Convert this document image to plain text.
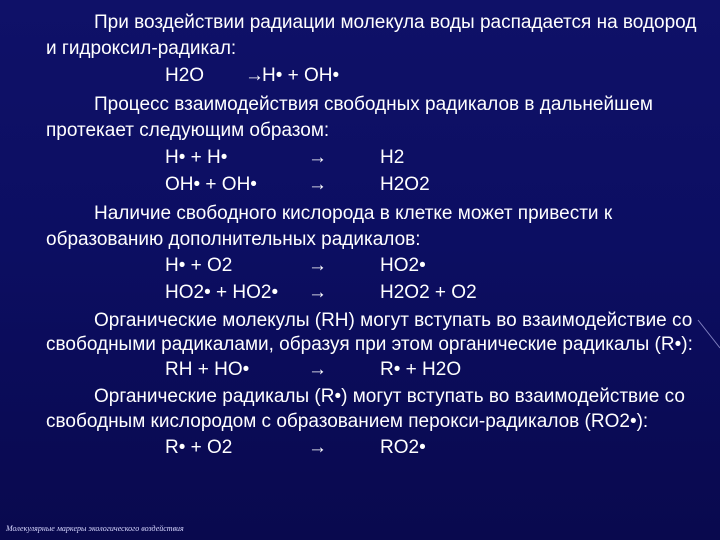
При воздействии радиации молекула воды распадается на водород
и гидроксил-радикал:
H2O →
H• + OH•
Процесс взаимодействия свободных радикалов в дальнейшем
протекает следующим образом:
H• + H•	→	H2
OH• + OH•	→	H2O2
Наличие свободного кислорода в клетке может привести к
образованию дополнительных радикалов:
H• + O2	→	HO2•
HO2• + HO2• →	H2O2 + O2
Органические молекулы (RH) могут вступать во взаимодействие со
свободными радикалами, образуя при этом органические радикалы (R•):
RH + HO•	→	R• + H2O
Органические радикалы (R•) могут вступать во взаимодействие со
свободным кислородом с образованием перокси-радикалов (RO2•):
R• + O2	→	RO2•
Молекулярные маркеры экологического воздействия
